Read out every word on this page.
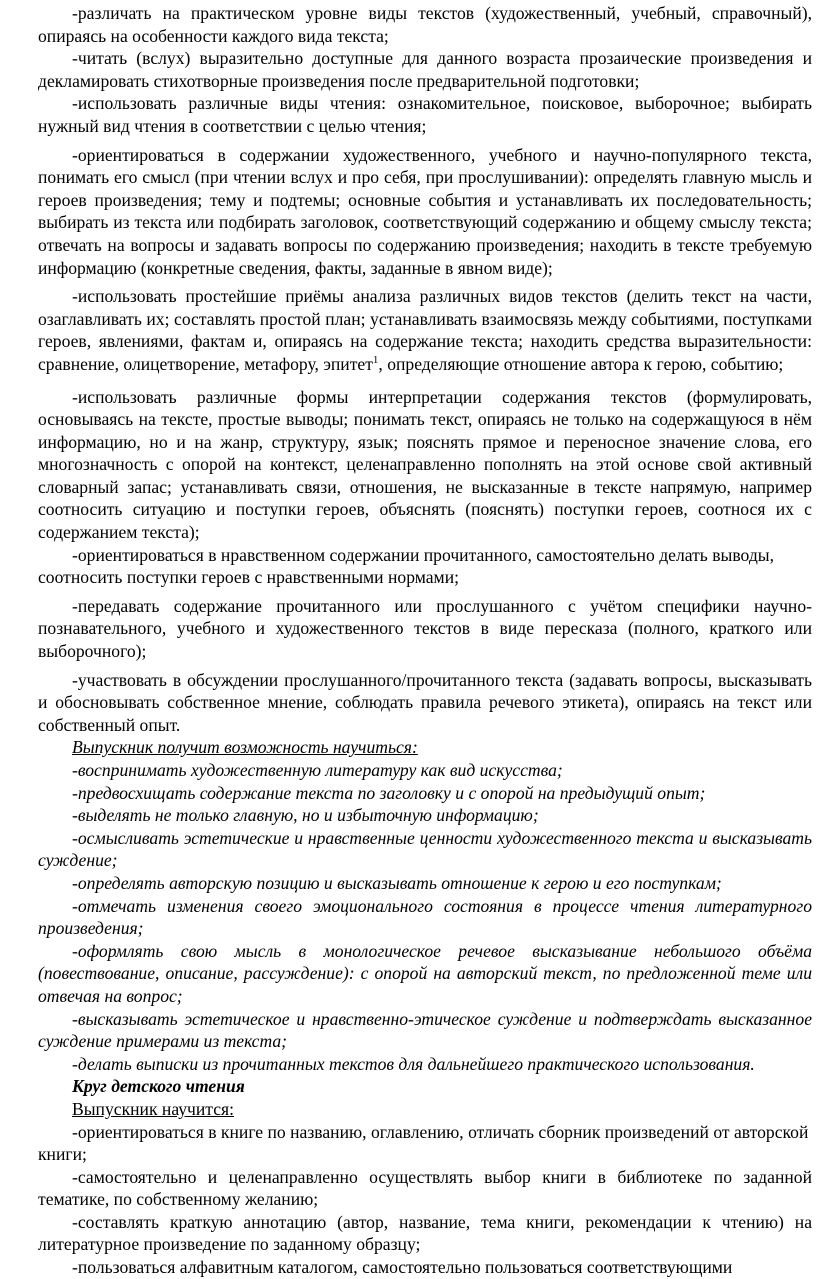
-различать на практическом уровне виды текстов (художественный, учебный, справочный), опираясь на особенности каждого вида текста;

-читать (вслух) выразительно доступные для данного возраста прозаические произведения и декламировать стихотворные произведения после предварительной подготовки;

-использовать различные виды чтения: ознакомительное, поисковое, выборочное; выбирать нужный вид чтения в соответствии с целью чтения;

-ориентироваться в содержании художественного, учебного и научно-популярного текста, понимать его смысл (при чтении вслух и про себя, при прослушивании): определять главную мысль и героев произведения; тему и подтемы; основные события и устанавливать их последовательность; выбирать из текста или подбирать заголовок, соответствующий содержанию и общему смыслу текста; отвечать на вопросы и задавать вопросы по содержанию произведения; находить в тексте требуемую информацию (конкретные сведения, факты, заданные в явном виде);

-использовать простейшие приёмы анализа различных видов текстов (делить текст на части, озаглавливать их; составлять простой план; устанавливать взаимосвязь между событиями, поступками героев, явлениями, фактам и, опираясь на содержание текста; находить средства выразительности: сравнение, олицетворение, метафору, эпитет$^1$, определяющие отношение автора к герою, событию;

-использовать различные формы интерпретации содержания текстов (формулировать, основываясь на тексте, простые выводы; понимать текст, опираясь не только на содержащуюся в нём информацию, но и на жанр, структуру, язык; пояснять прямое и переносное значение слова, его многозначность с опорой на контекст, целенаправленно пополнять на этой основе свой активный словарный запас; устанавливать связи, отношения, не высказанные в тексте напрямую, например соотносить ситуацию и поступки героев, объяснять (пояснять) поступки героев, соотнося их с содержанием текста);

-ориентироваться в нравственном содержании прочитанного, самостоятельно делать выводы, соотносить поступки героев с нравственными нормами;

-передавать содержание прочитанного или прослушанного с учётом специфики научно-познавательного, учебного и художественного текстов в виде пересказа (полного, краткого или выборочного);

-участвовать в обсуждении прослушанного/прочитанного текста (задавать вопросы, высказывать и обосновывать собственное мнение, соблюдать правила речевого этикета), опираясь на текст или собственный опыт.

Выпускник получит возможность научиться:

-воспринимать художественную литературу как вид искусства;

-предвосхищать содержание текста по заголовку и с опорой на предыдущий опыт;

-выделять не только главную, но и избыточную информацию;

-осмысливать эстетические и нравственные ценности художественного текста и высказывать суждение;

-определять авторскую позицию и высказывать отношение к герою и его поступкам;

-отмечать изменения своего эмоционального состояния в процессе чтения литературного произведения;

-оформлять свою мысль в монологическое речевое высказывание небольшого объёма (повествование, описание, рассуждение): с опорой на авторский текст, по предложенной теме или отвечая на вопрос;

-высказывать эстетическое и нравственно-этическое суждение и подтверждать высказанное суждение примерами из текста;

-делать выписки из прочитанных текстов для дальнейшего практического использования.

Круг детского чтения

Выпускник научится:

-ориентироваться в книге по названию, оглавлению, отличать сборник произведений от авторской книги;

-самостоятельно и целенаправленно осуществлять выбор книги в библиотеке по заданной тематике, по собственному желанию;

-составлять краткую аннотацию (автор, название, тема книги, рекомендации к чтению) на литературное произведение по заданному образцу;

-пользоваться алфавитным каталогом, самостоятельно пользоваться соответствующими
